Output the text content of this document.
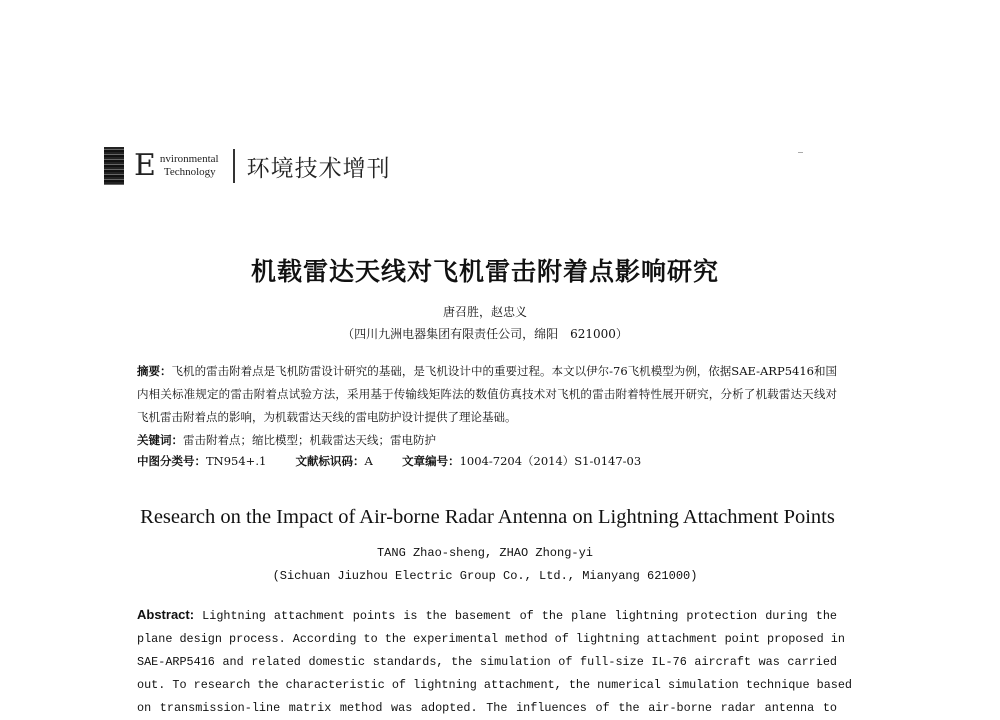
E nvironmental
Technology 环境技术增刊
机载雷达天线对飞机雷击附着点影响研究
唐召胜，赵忠义
（四川九洲电器集团有限责任公司，绵阳　621000）
摘要：飞机的雷击附着点是飞机防雷设计研究的基础，是飞机设计中的重要过程。本文以伊尔-76飞机模型为例，依据SAE-ARP5416和国内相关标准规定的雷击附着点试验方法，采用基于传输线矩阵法的数值仿真技术对飞机的雷击附着特性展开研究，分析了机载雷达天线对飞机雷击附着点的影响，为机载雷达天线的雷电防护设计提供了理论基础。
关键词：雷击附着点；缩比模型；机载雷达天线；雷电防护
中图分类号：TN954+.1	文献标识码：A	文章编号：1004-7204（2014）S1-0147-03
Research on the Impact of Air-borne Radar Antenna on Lightning Attachment Points
TANG Zhao-sheng, ZHAO Zhong-yi
(Sichuan Jiuzhou Electric Group Co., Ltd., Mianyang 621000)
Abstract: Lightning attachment points is the basement of the plane lightning protection during the
plane design process. According to the experimental method of lightning attachment point proposed in
SAE-ARP5416 and related domestic standards, the simulation of full-size IL-76 aircraft was carried
out. To research the characteristic of lightning attachment, the numerical simulation technique based
on transmission-line matrix method was adopted. The influences of the air-borne radar antenna to
